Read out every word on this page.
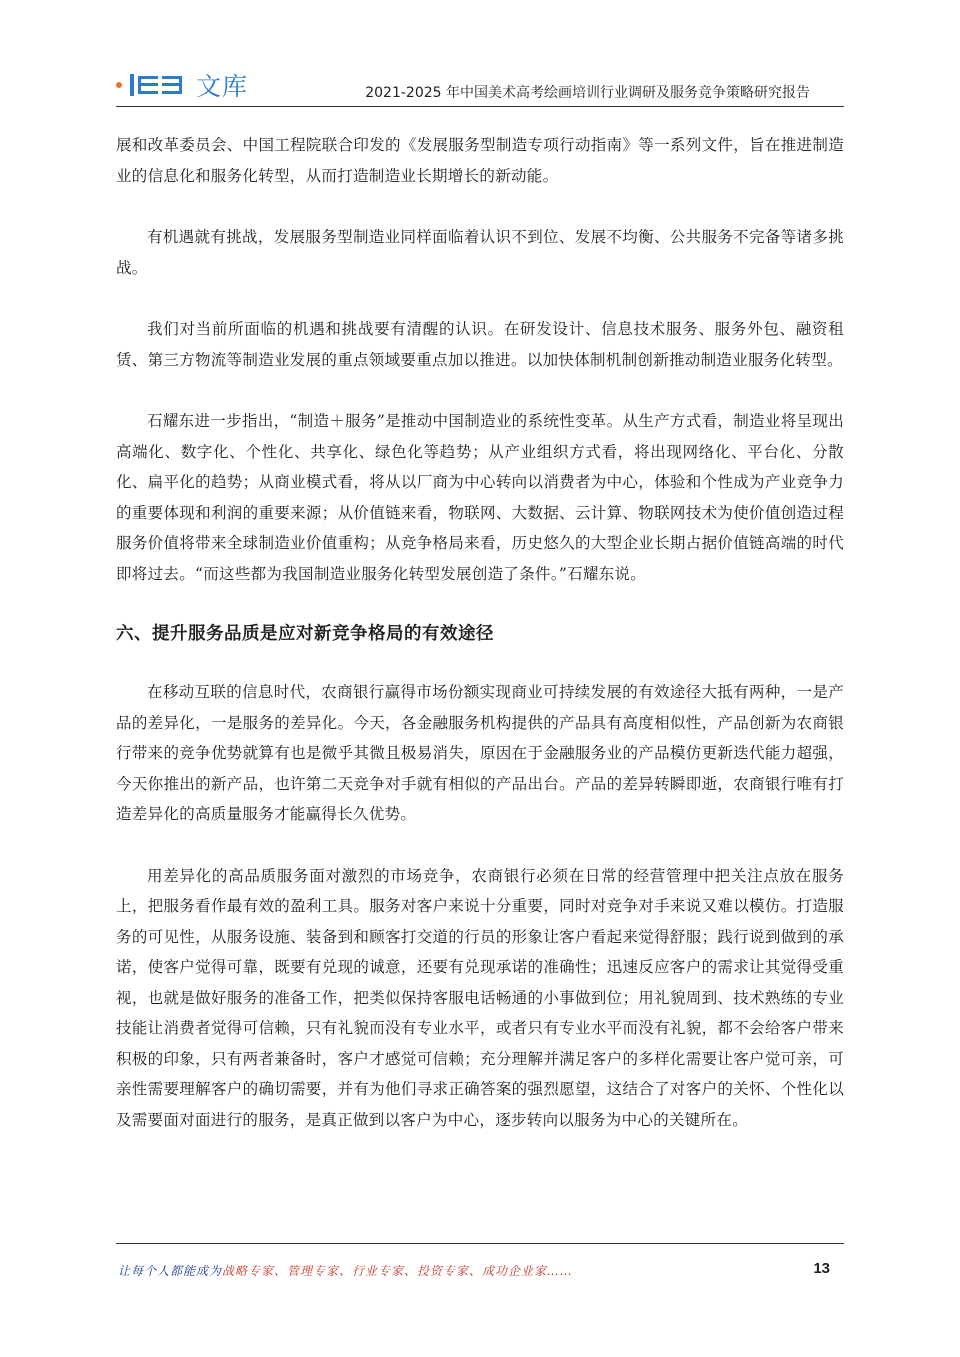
文库	2021-2025 年中国美术高考绘画培训行业调研及服务竞争策略研究报告

展和改革委员会、中国工程院联合印发的《发展服务型制造专项行动指南》等一系列文件，旨在推进制造业的信息化和服务化转型，从而打造制造业长期增长的新动能。

有机遇就有挑战，发展服务型制造业同样面临着认识不到位、发展不均衡、公共服务不完备等诸多挑战。

我们对当前所面临的机遇和挑战要有清醒的认识。在研发设计、信息技术服务、服务外包、融资租赁、第三方物流等制造业发展的重点领域要重点加以推进。以加快体制机制创新推动制造业服务化转型。

石耀东进一步指出，“制造＋服务”是推动中国制造业的系统性变革。从生产方式看，制造业将呈现出高端化、数字化、个性化、共享化、绿色化等趋势；从产业组织方式看，将出现网络化、平台化、分散化、扁平化的趋势；从商业模式看，将从以厂商为中心转向以消费者为中心，体验和个性成为产业竞争力的重要体现和利润的重要来源；从价值链来看，物联网、大数据、云计算、物联网技术为使价值创造过程服务价值将带来全球制造业价值重构；从竞争格局来看，历史悠久的大型企业长期占据价值链高端的时代即将过去。“而这些都为我国制造业服务化转型发展创造了条件。”石耀东说。

六、提升服务品质是应对新竞争格局的有效途径

在移动互联的信息时代，农商银行赢得市场份额实现商业可持续发展的有效途径大抵有两种，一是产品的差异化，一是服务的差异化。今天，各金融服务机构提供的产品具有高度相似性，产品创新为农商银行带来的竞争优势就算有也是微乎其微且极易消失，原因在于金融服务业的产品模仿更新迭代能力超强，今天你推出的新产品，也许第二天竞争对手就有相似的产品出台。产品的差异转瞬即逝，农商银行唯有打造差异化的高质量服务才能赢得长久优势。

用差异化的高品质服务面对激烈的市场竞争，农商银行必须在日常的经营管理中把关注点放在服务上，把服务看作最有效的盈利工具。服务对客户来说十分重要，同时对竞争对手来说又难以模仿。打造服务的可见性，从服务设施、装备到和顾客打交道的行员的形象让客户看起来觉得舒服；践行说到做到的承诺，使客户觉得可靠，既要有兑现的诚意，还要有兑现承诺的准确性；迅速反应客户的需求让其觉得受重视，也就是做好服务的准备工作，把类似保持客服电话畅通的小事做到位；用礼貌周到、技术熟练的专业技能让消费者觉得可信赖，只有礼貌而没有专业水平，或者只有专业水平而没有礼貌，都不会给客户带来积极的印象，只有两者兼备时，客户才感觉可信赖；充分理解并满足客户的多样化需要让客户觉可亲，可亲性需要理解客户的确切需要，并有为他们寻求正确答案的强烈愿望，这结合了对客户的关怀、个性化以及需要面对面进行的服务，是真正做到以客户为中心，逐步转向以服务为中心的关键所在。

让每个人都能成为战略专家、管理专家、行业专家、投资专家、成功企业家……	13
